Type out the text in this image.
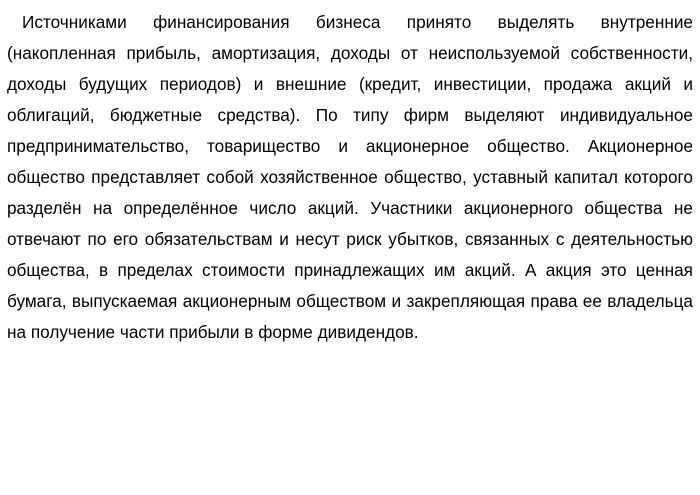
Источниками финансирования бизнеса принято выделять внутренние (накопленная прибыль, амортизация, доходы от неиспользуемой собственности, доходы будущих периодов) и внешние (кредит, инвестиции, продажа акций и облигаций, бюджетные средства). По типу фирм выделяют индивидуальное предпринимательство, товарищество и акционерное общество. Акционерное общество представляет собой хозяйственное общество, уставный капитал которого разделён на определённое число акций. Участники акционерного общества не отвечают по его обязательствам и несут риск убытков, связанных с деятельностью общества, в пределах стоимости принадлежащих им акций. А акция это ценная бумага, выпускаемая акционерным обществом и закрепляющая права ее владельца на получение части прибыли в форме дивидендов.
